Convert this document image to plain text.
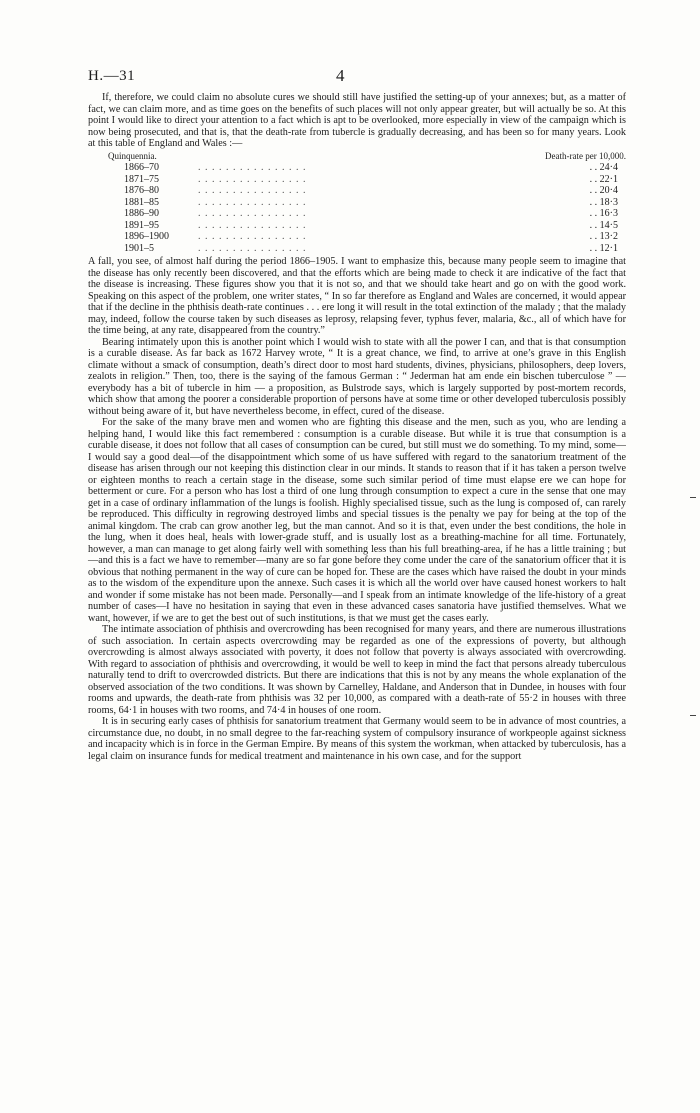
H.—31	4

If, therefore, we could claim no absolute cures we should still have justified the setting-up of your annexes; but, as a matter of fact, we can claim more, and as time goes on the benefits of such places will not only appear greater, but will actually be so. At this point I would like to direct your attention to a fact which is apt to be overlooked, more especially in view of the campaign which is now being prosecuted, and that is, that the death-rate from tubercle is gradually decreasing, and has been so for many years. Look at this table of England and Wales :—

Quinquennia.	Death-rate per 10,000.
1866–70	. . . . . . . . . . . . . . . .	. . 24·4
1871–75	. . . . . . . . . . . . . . . .	. . 22·1
1876–80	. . . . . . . . . . . . . . . .	. . 20·4
1881–85	. . . . . . . . . . . . . . . .	. . 18·3
1886–90	. . . . . . . . . . . . . . . .	. . 16·3
1891–95	. . . . . . . . . . . . . . . .	. . 14·5
1896–1900	. . . . . . . . . . . . . . . .	. . 13·2
1901–5	. . . . . . . . . . . . . . . .	. . 12·1

A fall, you see, of almost half during the period 1866–1905. I want to emphasize this, because many people seem to imagine that the disease has only recently been discovered, and that the efforts which are being made to check it are indicative of the fact that the disease is increasing. These figures show you that it is not so, and that we should take heart and go on with the good work. Speaking on this aspect of the problem, one writer states, “ In so far therefore as England and Wales are concerned, it would appear that if the decline in the phthisis death-rate continues . . . ere long it will result in the total extinction of the malady ; that the malady may, indeed, follow the course taken by such diseases as leprosy, relapsing fever, typhus fever, malaria, &c., all of which have for the time being, at any rate, disappeared from the country.”

Bearing intimately upon this is another point which I would wish to state with all the power I can, and that is that consumption is a curable disease. As far back as 1672 Harvey wrote, “ It is a great chance, we find, to arrive at one’s grave in this English climate without a smack of consumption, death’s direct door to most hard students, divines, physicians, philosophers, deep lovers, zealots in religion.” Then, too, there is the saying of the famous German : “ Jederman hat am ende ein bischen tuberculose ” — everybody has a bit of tubercle in him — a proposition, as Bulstrode says, which is largely supported by post-mortem records, which show that among the poorer a considerable proportion of persons have at some time or other developed tuberculosis possibly without being aware of it, but have nevertheless become, in effect, cured of the disease.

For the sake of the many brave men and women who are fighting this disease and the men, such as you, who are lending a helping hand, I would like this fact remembered : consumption is a curable disease. But while it is true that consumption is a curable disease, it does not follow that all cases of consumption can be cured, but still must we do something. To my mind, some—I would say a good deal—of the disappointment which some of us have suffered with regard to the sanatorium treatment of the disease has arisen through our not keeping this distinction clear in our minds. It stands to reason that if it has taken a person twelve or eighteen months to reach a certain stage in the disease, some such similar period of time must elapse ere we can hope for betterment or cure. For a person who has lost a third of one lung through consumption to expect a cure in the sense that one may get in a case of ordinary inflammation of the lungs is foolish. Highly specialised tissue, such as the lung is composed of, can rarely be reproduced. This difficulty in regrowing destroyed limbs and special tissues is the penalty we pay for being at the top of the animal kingdom. The crab can grow another leg, but the man cannot. And so it is that, even under the best conditions, the hole in the lung, when it does heal, heals with lower-grade stuff, and is usually lost as a breathing-machine for all time. Fortunately, however, a man can manage to get along fairly well with something less than his full breathing-area, if he has a little training ; but—and this is a fact we have to remember—many are so far gone before they come under the care of the sanatorium officer that it is obvious that nothing permanent in the way of cure can be hoped for. These are the cases which have raised the doubt in your minds as to the wisdom of the expenditure upon the annexe. Such cases it is which all the world over have caused honest workers to halt and wonder if some mistake has not been made. Personally—and I speak from an intimate knowledge of the life-history of a great number of cases—I have no hesitation in saying that even in these advanced cases sanatoria have justified themselves. What we want, however, if we are to get the best out of such institutions, is that we must get the cases early.

The intimate association of phthisis and overcrowding has been recognised for many years, and there are numerous illustrations of such association. In certain aspects overcrowding may be regarded as one of the expressions of poverty, but although overcrowding is almost always associated with poverty, it does not follow that poverty is always associated with overcrowding. With regard to association of phthisis and overcrowding, it would be well to keep in mind the fact that persons already tuberculous naturally tend to drift to overcrowded districts. But there are indications that this is not by any means the whole explanation of the observed association of the two conditions. It was shown by Carnelley, Haldane, and Anderson that in Dundee, in houses with four rooms and upwards, the death-rate from phthisis was 32 per 10,000, as compared with a death-rate of 55·2 in houses with three rooms, 64·1 in houses with two rooms, and 74·4 in houses of one room.

It is in securing early cases of phthisis for sanatorium treatment that Germany would seem to be in advance of most countries, a circumstance due, no doubt, in no small degree to the far-reaching system of compulsory insurance of workpeople against sickness and incapacity which is in force in the German Empire. By means of this system the workman, when attacked by tuberculosis, has a legal claim on insurance funds for medical treatment and maintenance in his own case, and for the support
